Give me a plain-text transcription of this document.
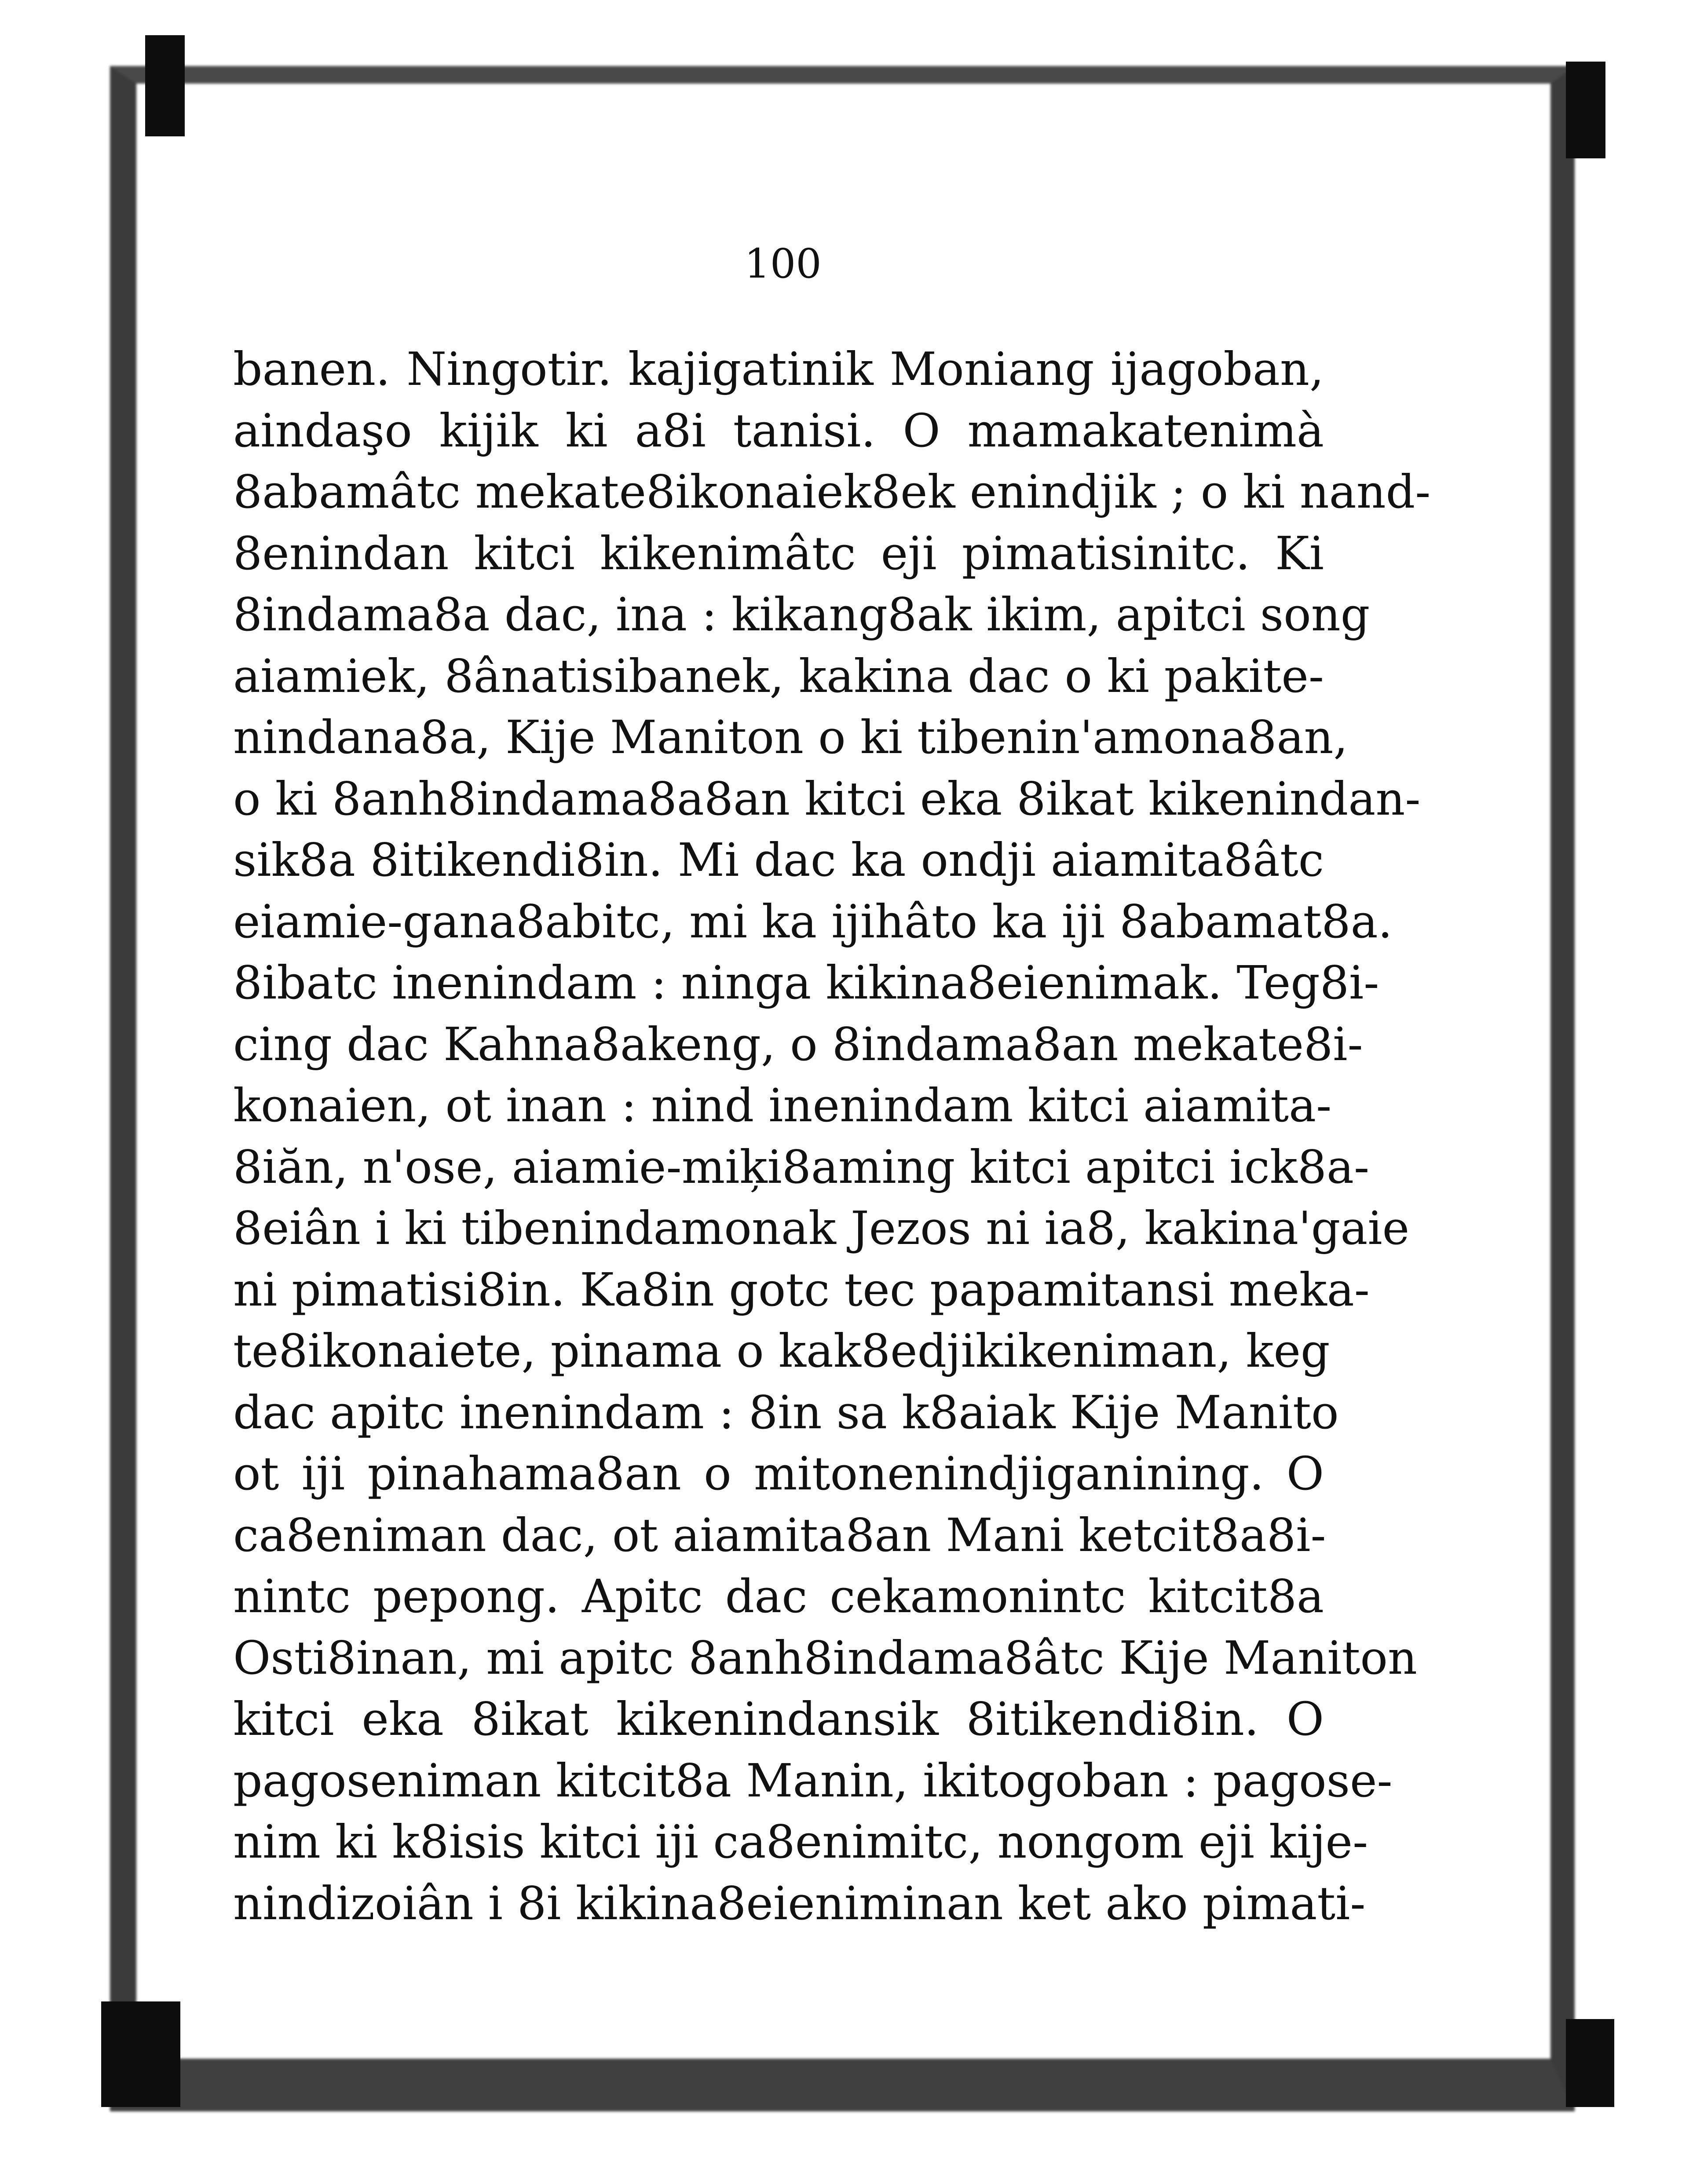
100
banen. Ningotir. kajigatinik Moniang ijagoban,
aindaşo kijik ki a8i tanisi. O mamakatenimà
8abamâtc mekate8ikonaiek8ek enindjik ; o ki nand-
8enindan kitci kikenimâtc eji pimatisinitc. Ki
8indama8a dac, ina : kikang8ak ikim, apitci song
aiamiek, 8ânatisibanek, kakina dac o ki pakite-
nindana8a, Kije Maniton o ki tibenin'amona8an,
o ki 8anh8indama8a8an kitci eka 8ikat kikenindan-
sik8a 8itikendi8in. Mi dac ka ondji aiamita8âtc
eiamie-gana8abitc, mi ka ijihâto ka iji 8abamat8a.
8ibatc inenindam : ninga kikina8eienimak. Teg8i-
cing dac Kahna8akeng, o 8indama8an mekate8i-
konaien, ot inan : nind inenindam kitci aiamita-
8iăn, n'ose, aiamie-miķi8aming kitci apitci ick8a-
8eiân i ki tibenindamonak Jezos ni ia8, kakina'gaie
ni pimatisi8in. Ka8in gotc tec papamitansi meka-
te8ikonaiete, pinama o kak8edjikikeniman, keg
dac apitc inenindam : 8in sa k8aiak Kije Manito
ot iji pinahama8an o mitonenindjiganining. O
ca8eniman dac, ot aiamita8an Mani ketcit8a8i-
nintc pepong. Apitc dac cekamonintc kitcit8a
Osti8inan, mi apitc 8anh8indama8âtc Kije Maniton
kitci eka 8ikat kikenindansik 8itikendi8in. O
pagoseniman kitcit8a Manin, ikitogoban : pagose-
nim ki k8isis kitci iji ca8enimitc, nongom eji kije-
nindizoiân i 8i kikina8eieniminan ket ako pimati-
